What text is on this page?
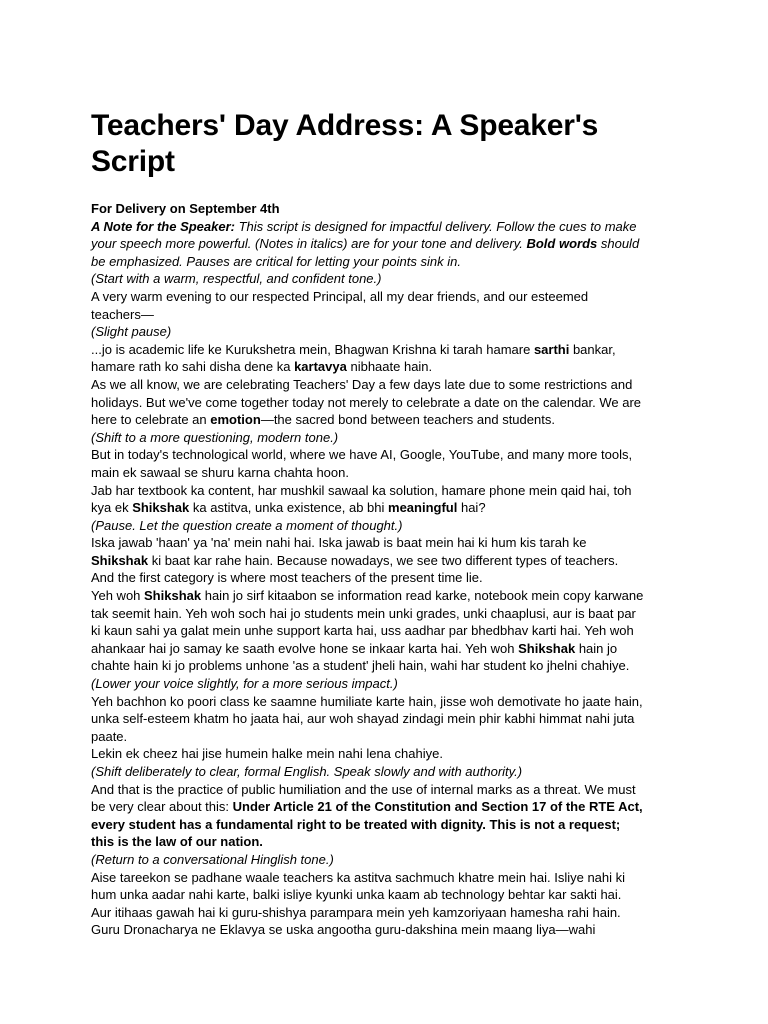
Teachers' Day Address: A Speaker's Script
For Delivery on September 4th
A Note for the Speaker: This script is designed for impactful delivery. Follow the cues to make
your speech more powerful. (Notes in italics) are for your tone and delivery. Bold words should
be emphasized. Pauses are critical for letting your points sink in.
(Start with a warm, respectful, and confident tone.)
A very warm evening to our respected Principal, all my dear friends, and our esteemed
teachers—
(Slight pause)
...jo is academic life ke Kurukshetra mein, Bhagwan Krishna ki tarah hamare sarthi bankar,
hamare rath ko sahi disha dene ka kartavya nibhaate hain.
As we all know, we are celebrating Teachers' Day a few days late due to some restrictions and
holidays. But we've come together today not merely to celebrate a date on the calendar. We are
here to celebrate an emotion—the sacred bond between teachers and students.
(Shift to a more questioning, modern tone.)
But in today's technological world, where we have AI, Google, YouTube, and many more tools,
main ek sawaal se shuru karna chahta hoon.
Jab har textbook ka content, har mushkil sawaal ka solution, hamare phone mein qaid hai, toh
kya ek Shikshak ka astitva, unka existence, ab bhi meaningful hai?
(Pause. Let the question create a moment of thought.)
Iska jawab 'haan' ya 'na' mein nahi hai. Iska jawab is baat mein hai ki hum kis tarah ke
Shikshak ki baat kar rahe hain. Because nowadays, we see two different types of teachers.
And the first category is where most teachers of the present time lie.
Yeh woh Shikshak hain jo sirf kitaabon se information read karke, notebook mein copy karwane
tak seemit hain. Yeh woh soch hai jo students mein unki grades, unki chaaplusi, aur is baat par
ki kaun sahi ya galat mein unhe support karta hai, uss aadhar par bhedbhav karti hai. Yeh woh
ahankaar hai jo samay ke saath evolve hone se inkaar karta hai. Yeh woh Shikshak hain jo
chahte hain ki jo problems unhone 'as a student' jheli hain, wahi har student ko jhelni chahiye.
(Lower your voice slightly, for a more serious impact.)
Yeh bachhon ko poori class ke saamne humiliate karte hain, jisse woh demotivate ho jaate hain,
unka self-esteem khatm ho jaata hai, aur woh shayad zindagi mein phir kabhi himmat nahi juta
paate.
Lekin ek cheez hai jise humein halke mein nahi lena chahiye.
(Shift deliberately to clear, formal English. Speak slowly and with authority.)
And that is the practice of public humiliation and the use of internal marks as a threat. We must
be very clear about this: Under Article 21 of the Constitution and Section 17 of the RTE Act,
every student has a fundamental right to be treated with dignity. This is not a request;
this is the law of our nation.
(Return to a conversational Hinglish tone.)
Aise tareekon se padhane waale teachers ka astitva sachmuch khatre mein hai. Isliye nahi ki
hum unka aadar nahi karte, balki isliye kyunki unka kaam ab technology behtar kar sakti hai.
Aur itihaas gawah hai ki guru-shishya parampara mein yeh kamzoriyaan hamesha rahi hain.
Guru Dronacharya ne Eklavya se uska angootha guru-dakshina mein maang liya—wahi
